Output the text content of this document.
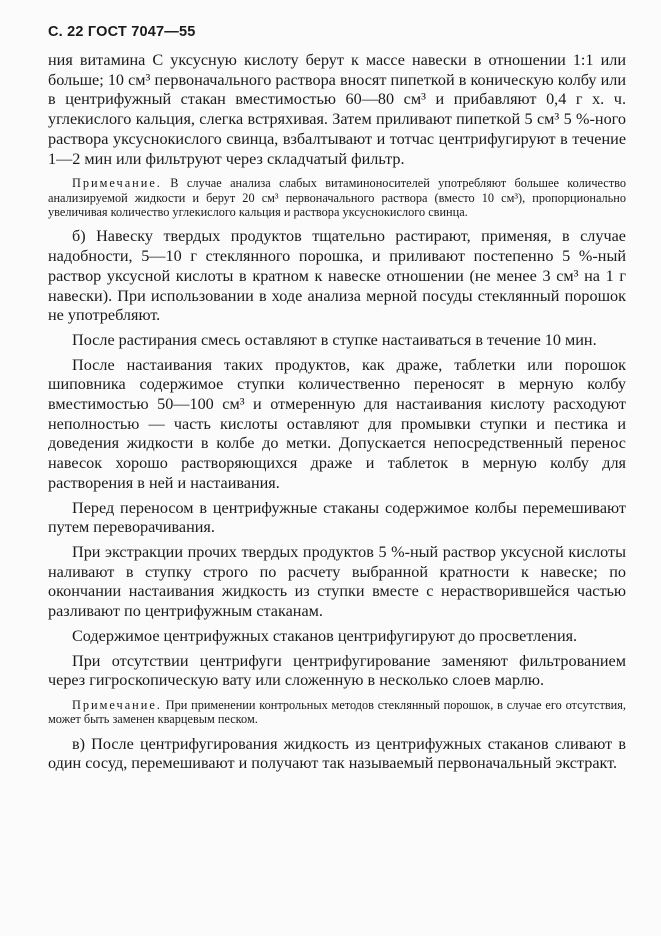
С. 22 ГОСТ 7047—55

ния витамина С уксусную кислоту берут к массе навески в отношении 1:1 или больше; 10 см³ первоначального раствора вносят пипеткой в коническую колбу или в центрифужный стакан вместимостью 60—80 см³ и прибавляют 0,4 г х. ч. углекислого кальция, слегка встряхивая. Затем приливают пипеткой 5 см³ 5 %-ного раствора уксуснокислого свинца, взбалтывают и тотчас центрифугируют в течение 1—2 мин или фильтруют через складчатый фильтр.

Примечание. В случае анализа слабых витаминоносителей употребляют большее количество анализируемой жидкости и берут 20 см³ первоначального раствора (вместо 10 см³), пропорционально увеличивая количество углекислого кальция и раствора уксуснокислого свинца.

б) Навеску твердых продуктов тщательно растирают, применяя, в случае надобности, 5—10 г стеклянного порошка, и приливают постепенно 5 %-ный раствор уксусной кислоты в кратном к навеске отношении (не менее 3 см³ на 1 г навески). При использовании в ходе анализа мерной посуды стеклянный порошок не употребляют.

После растирания смесь оставляют в ступке настаиваться в течение 10 мин.

После настаивания таких продуктов, как драже, таблетки или порошок шиповника содержимое ступки количественно переносят в мерную колбу вместимостью 50—100 см³ и отмеренную для настаивания кислоту расходуют неполностью — часть кислоты оставляют для промывки ступки и пестика и доведения жидкости в колбе до метки. Допускается непосредственный перенос навесок хорошо растворяющихся драже и таблеток в мерную колбу для растворения в ней и настаивания.

Перед переносом в центрифужные стаканы содержимое колбы перемешивают путем переворачивания.

При экстракции прочих твердых продуктов 5 %-ный раствор уксусной кислоты наливают в ступку строго по расчету выбранной кратности к навеске; по окончании настаивания жидкость из ступки вместе с нерастворившейся частью разливают по центрифужным стаканам.

Содержимое центрифужных стаканов центрифугируют до просветления.

При отсутствии центрифуги центрифугирование заменяют фильтрованием через гигроскопическую вату или сложенную в несколько слоев марлю.

Примечание. При применении контрольных методов стеклянный порошок, в случае его отсутствия, может быть заменен кварцевым песком.

в) После центрифугирования жидкость из центрифужных стаканов сливают в один сосуд, перемешивают и получают так называемый первоначальный экстракт.
